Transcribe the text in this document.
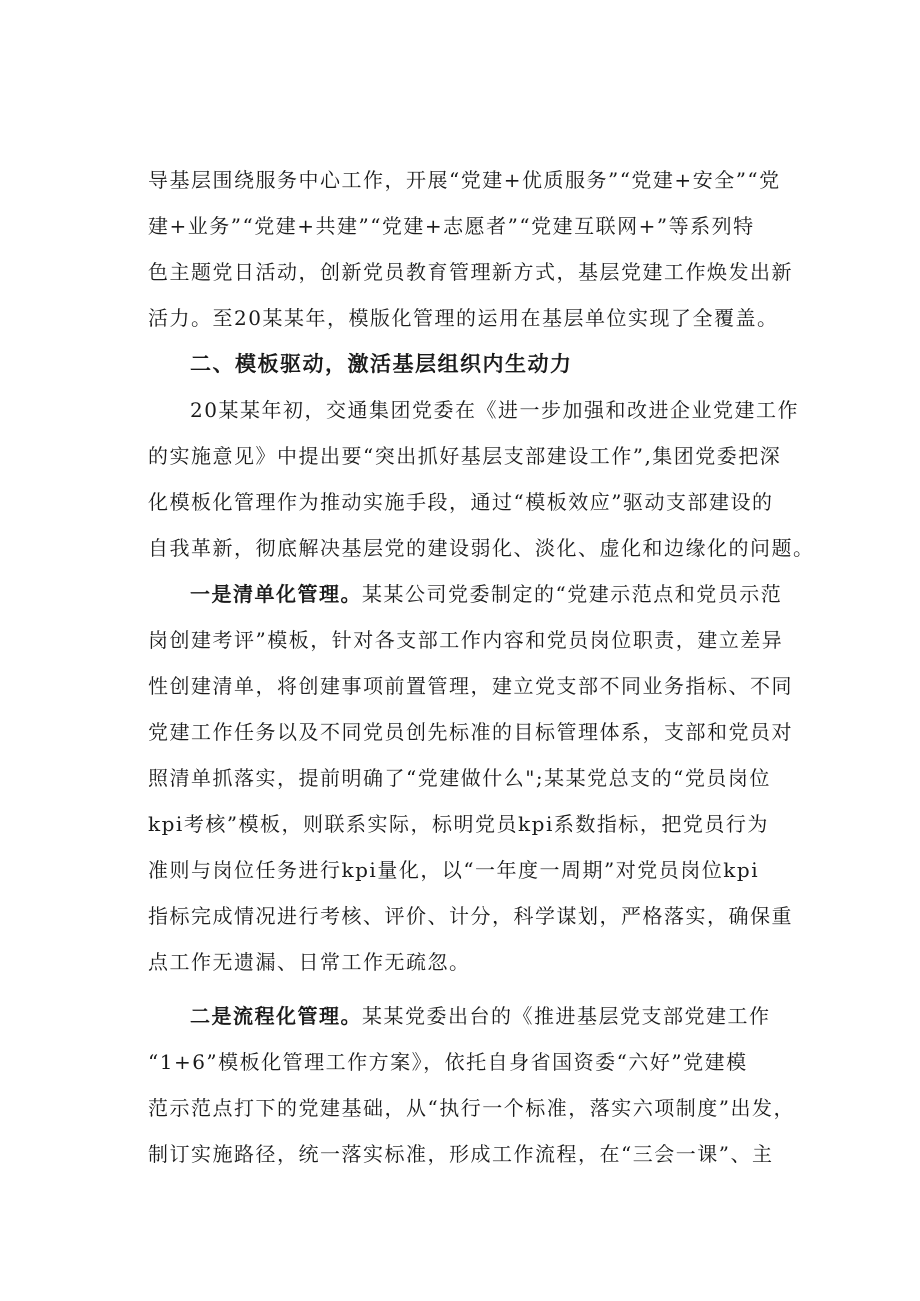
导基层围绕服务中心工作，开展“党建+优质服务”“党建+安全”“党
建+业务”“党建+共建”“党建+志愿者”“党建互联网+”等系列特
色主题党日活动，创新党员教育管理新方式，基层党建工作焕发出新
活力。至20某某年，模版化管理的运用在基层单位实现了全覆盖。
二、模板驱动，激活基层组织内生动力
20某某年初，交通集团党委在《进一步加强和改进企业党建工作
的实施意见》中提出要“突出抓好基层支部建设工作”,集团党委把深
化模板化管理作为推动实施手段，通过“模板效应”驱动支部建设的
自我革新，彻底解决基层党的建设弱化、淡化、虚化和边缘化的问题。
一是清单化管理。某某公司党委制定的“党建示范点和党员示范
岗创建考评”模板，针对各支部工作内容和党员岗位职责，建立差异
性创建清单，将创建事项前置管理，建立党支部不同业务指标、不同
党建工作任务以及不同党员创先标准的目标管理体系，支部和党员对
照清单抓落实，提前明确了“党建做什么";某某党总支的“党员岗位
kpi考核”模板，则联系实际，标明党员kpi系数指标，把党员行为
准则与岗位任务进行kpi量化，以“一年度一周期”对党员岗位kpi
指标完成情况进行考核、评价、计分，科学谋划，严格落实，确保重
点工作无遗漏、日常工作无疏忽。
二是流程化管理。某某党委出台的《推进基层党支部党建工作
“1+6”模板化管理工作方案》，依托自身省国资委“六好”党建模
范示范点打下的党建基础，从“执行一个标准，落实六项制度”出发，
制订实施路径，统一落实标准，形成工作流程，在“三会一课”、主
